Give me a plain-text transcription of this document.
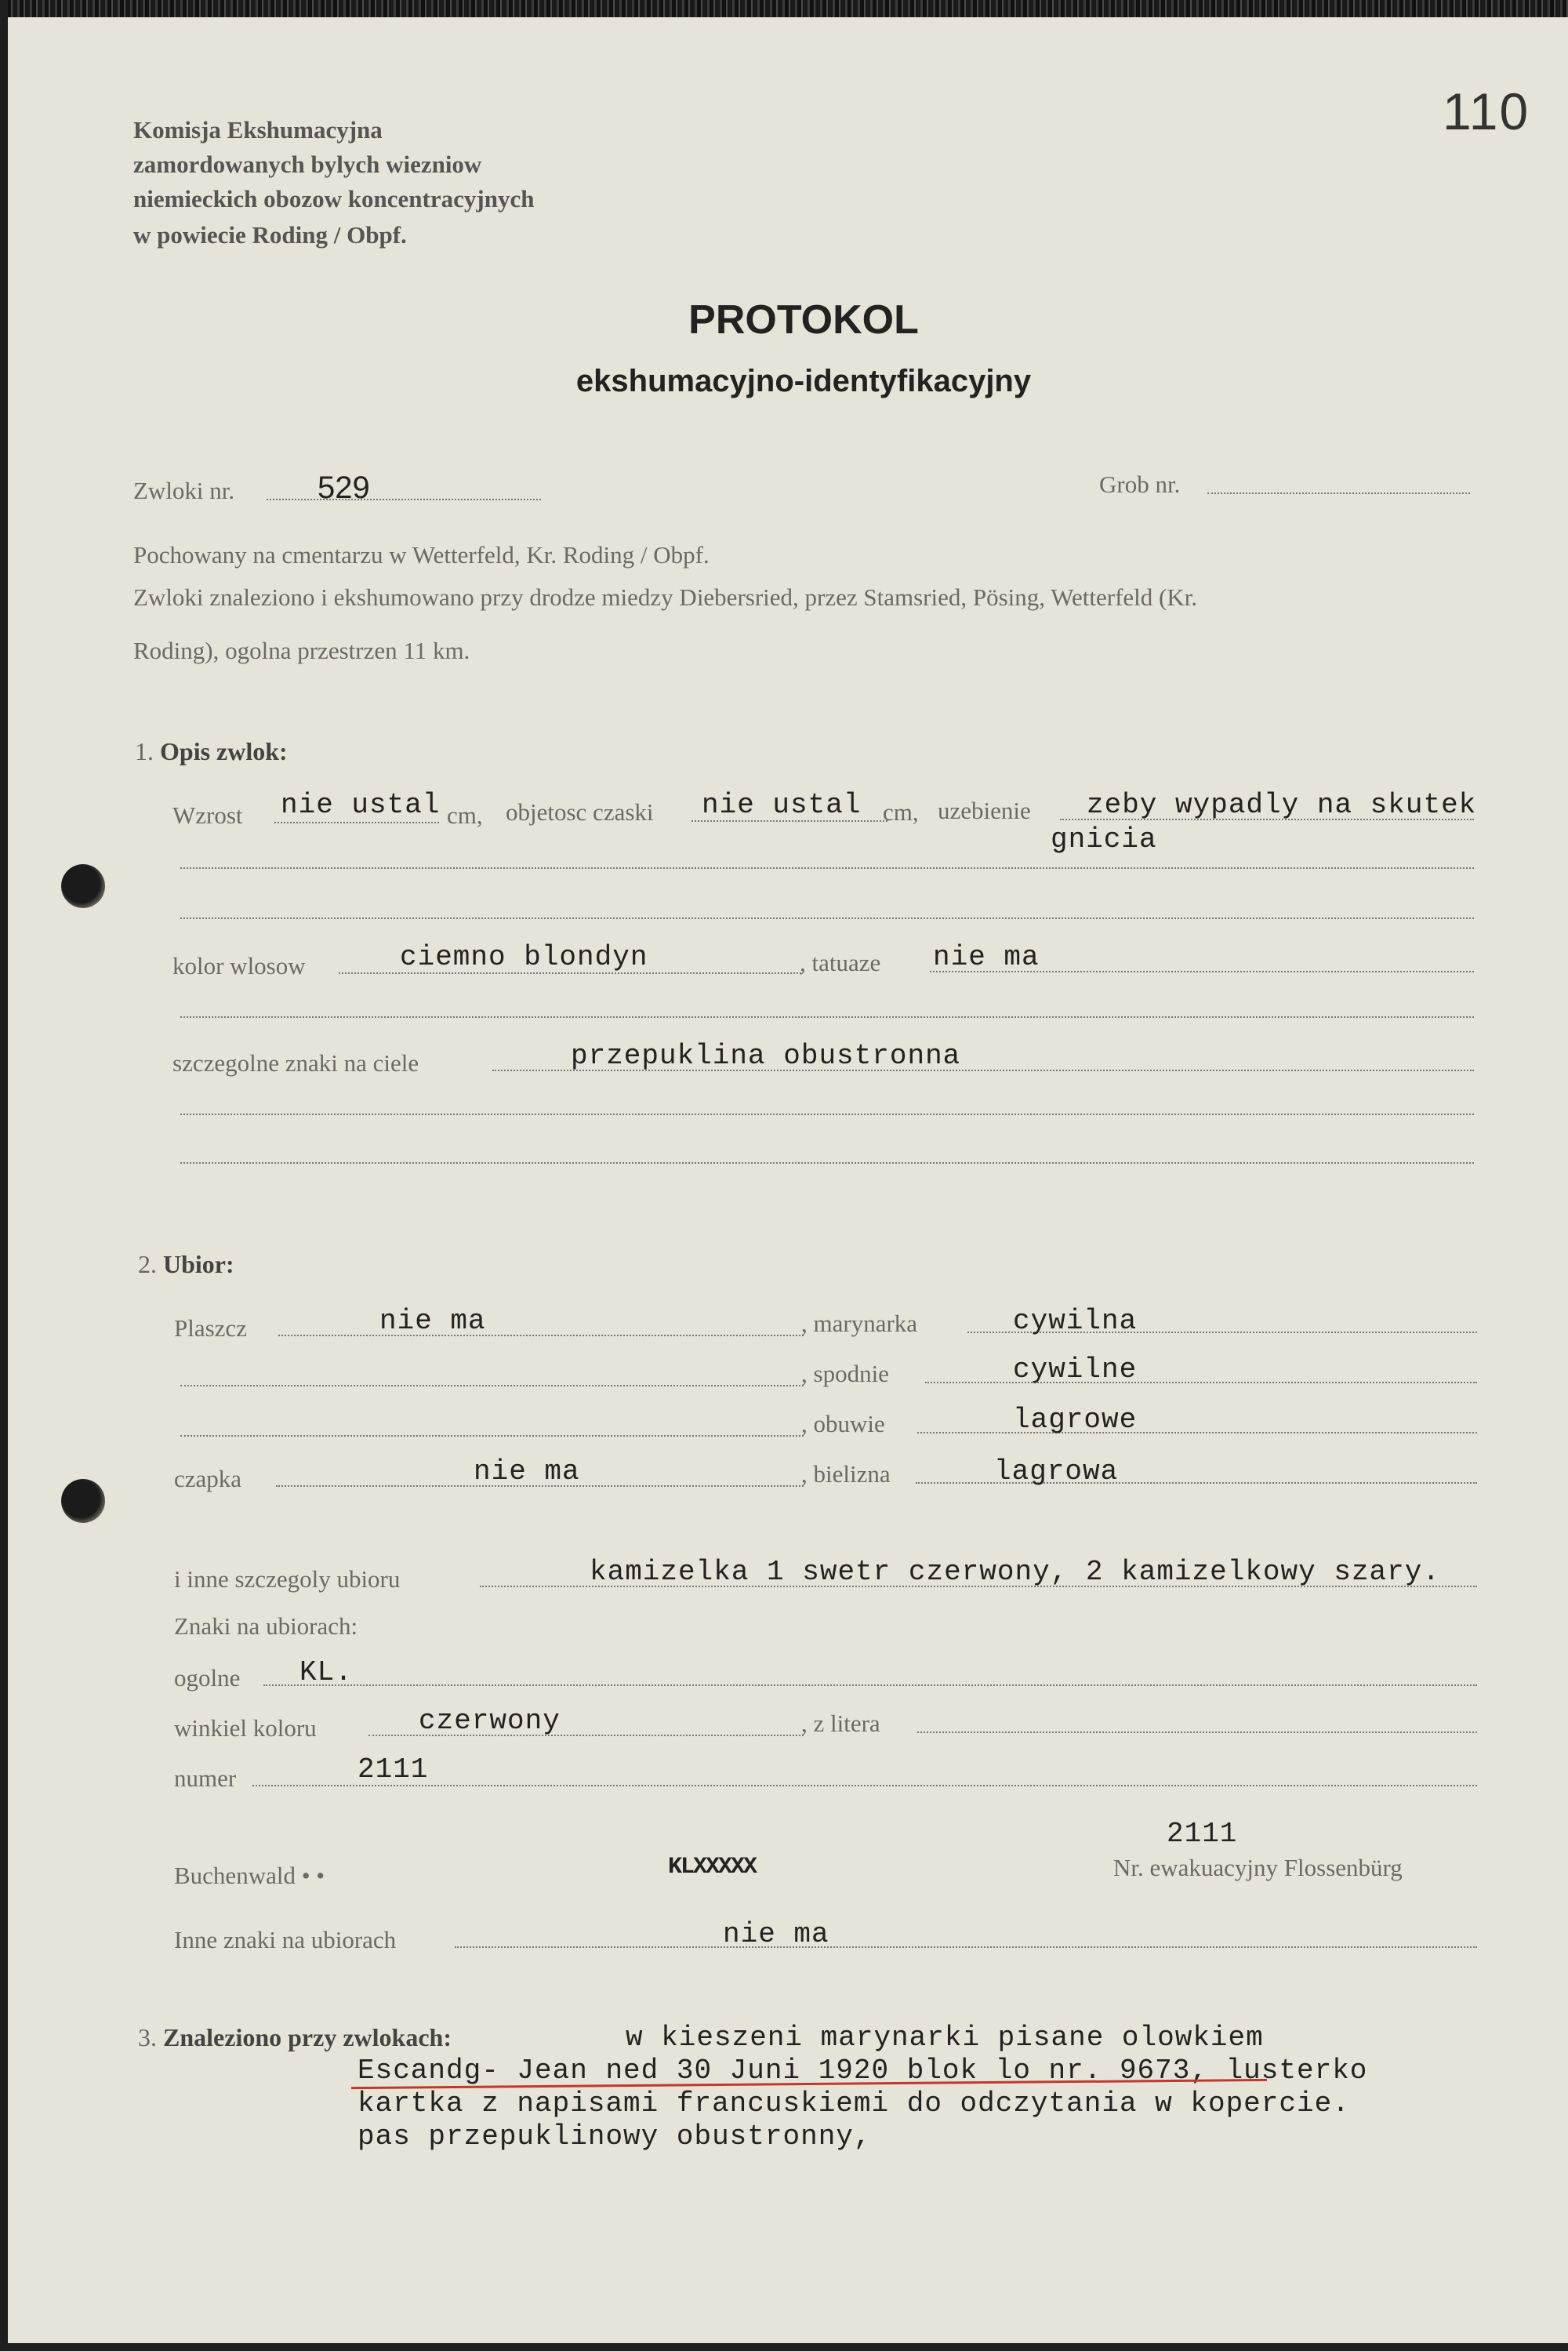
110
Komisja Ekshumacyjna
zamordowanych bylych wiezniow
niemieckich obozow koncentracyjnych
w powiecie Roding / Obpf.
PROTOKOL
ekshumacyjno-identyfikacyjny
Zwloki nr.	529	Grob nr.
Pochowany na cmentarzu w Wetterfeld, Kr. Roding / Obpf.
Zwloki znaleziono i ekshumowano przy drodze miedzy Diebersried, przez Stamsried, Pösing, Wetterfeld (Kr.
Roding), ogolna przestrzen 11 km.
1. Opis zwlok:
Wzrost nie ustal cm, objetosc czaski nie ustal cm, uzebienie zeby wypadly na skutek
gnicia
kolor wlosow	ciemno blondyn	, tatuaze nie ma
szczegolne znaki na ciele	przepuklina obustronna
2. Ubior:
Plaszcz	nie ma	, marynarka	cywilna
, spodnie	cywilne
, obuwie	lagrowe
czapka	nie ma	, bielizna	lagrowa
i inne szczegoly ubioru	kamizelka 1 swetr czerwony, 2 kamizelkowy szary.
Znaki na ubiorach:
ogolne KL.
winkiel koloru	czerwony	, z litera
numer	2111
Buchenwald • •	KLXXXXX
2111
Nr. ewakuacyjny Flossenbürg
Inne znaki na ubiorach	nie ma
3. Znaleziono przy zwlokach:	w kieszeni marynarki pisane olowkiem
Escandg- Jean ned 30 Juni 1920 blok lo nr. 9673, lusterko
kartka z napisami francuskiemi do odczytania w kopercie.
pas przepuklinowy obustronny,
